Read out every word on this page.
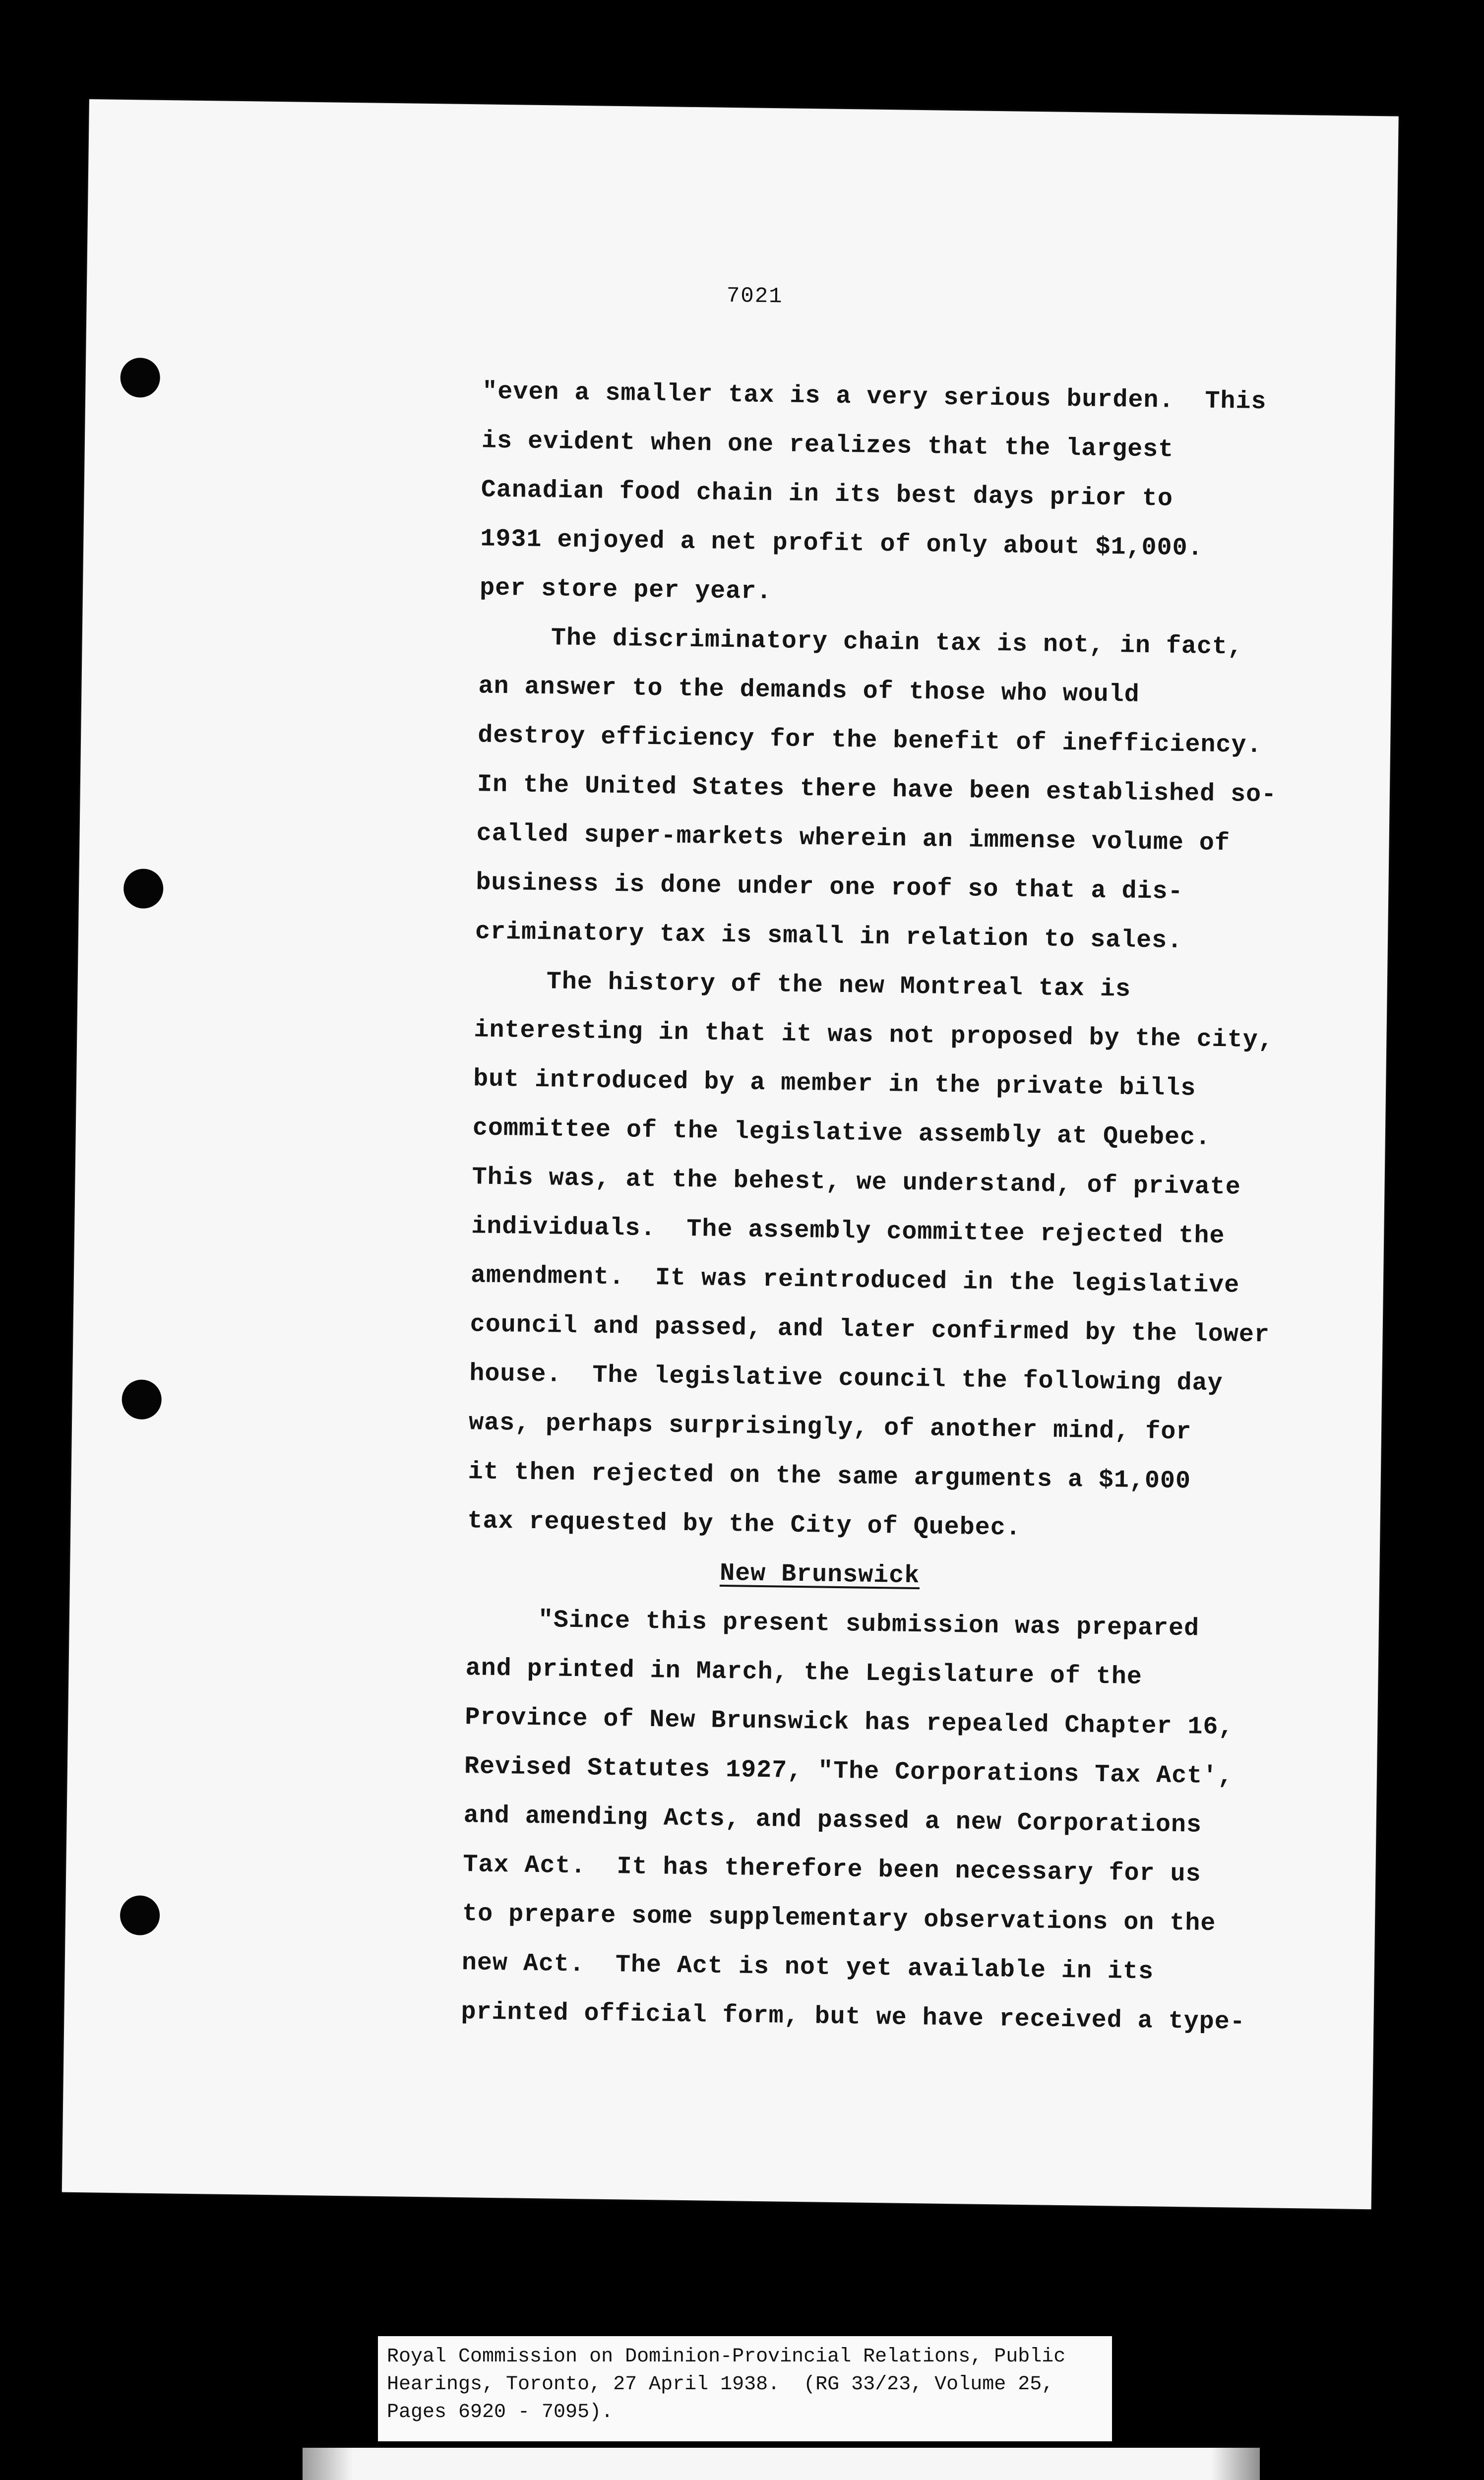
7021
"even a smaller tax is a very serious burden.  This
is evident when one realizes that the largest
Canadian food chain in its best days prior to
1931 enjoyed a net profit of only about $1,000.
per store per year.
The discriminatory chain tax is not, in fact,
an answer to the demands of those who would
destroy efficiency for the benefit of inefficiency.
In the United States there have been established so-
called super-markets wherein an immense volume of
business is done under one roof so that a dis-
criminatory tax is small in relation to sales.
The history of the new Montreal tax is
interesting in that it was not proposed by the city,
but introduced by a member in the private bills
committee of the legislative assembly at Quebec.
This was, at the behest, we understand, of private
individuals.  The assembly committee rejected the
amendment.  It was reintroduced in the legislative
council and passed, and later confirmed by the lower
house.  The legislative council the following day
was, perhaps surprisingly, of another mind, for
it then rejected on the same arguments a $1,000
tax requested by the City of Quebec.
New Brunswick
"Since this present submission was prepared
and printed in March, the Legislature of the
Province of New Brunswick has repealed Chapter 16,
Revised Statutes 1927, "The Corporations Tax Act',
and amending Acts, and passed a new Corporations
Tax Act.  It has therefore been necessary for us
to prepare some supplementary observations on the
new Act.  The Act is not yet available in its
printed official form, but we have received a type-
Royal Commission on Dominion-Provincial Relations, Public
Hearings, Toronto, 27 April 1938.  (RG 33/23, Volume 25,
Pages 6920 - 7095).
